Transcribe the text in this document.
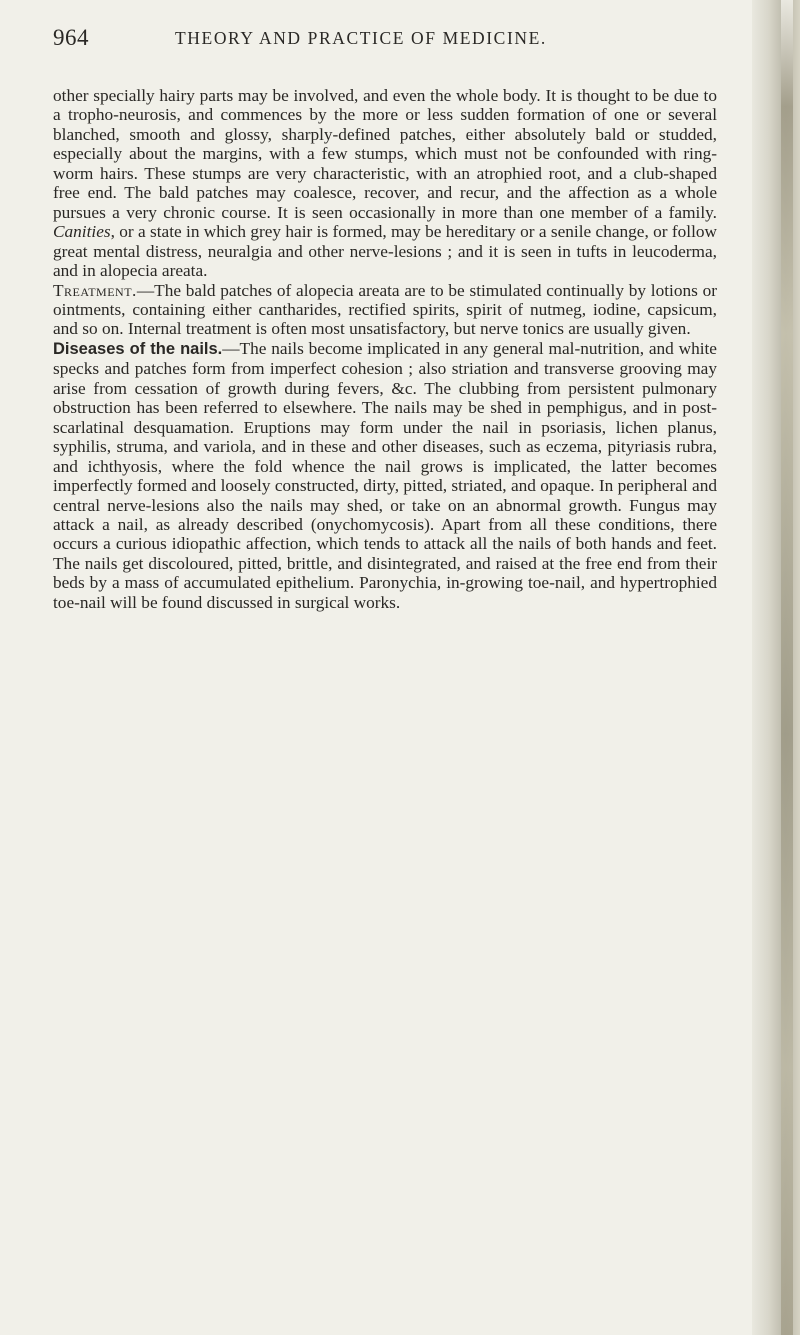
964	THEORY AND PRACTICE OF MEDICINE.

other specially hairy parts may be involved, and even the whole body. It is thought to be due to a tropho-neurosis, and commences by the more or less sudden formation of one or several blanched, smooth and glossy, sharply-defined patches, either absolutely bald or studded, especially about the margins, with a few stumps, which must not be confounded with ring-worm hairs. These stumps are very characteristic, with an atrophied root, and a club-shaped free end. The bald patches may coalesce, recover, and recur, and the affection as a whole pursues a very chronic course. It is seen occasionally in more than one member of a family. Canities, or a state in which grey hair is formed, may be hereditary or a senile change, or follow great mental distress, neuralgia and other nerve-lesions ; and it is seen in tufts in leucoderma, and in alopecia areata.

Treatment.—The bald patches of alopecia areata are to be stimulated continually by lotions or ointments, containing either cantharides, rectified spirits, spirit of nutmeg, iodine, capsicum, and so on. Internal treatment is often most unsatisfactory, but nerve tonics are usually given.

Diseases of the nails.—The nails become implicated in any general mal-nutrition, and white specks and patches form from imperfect cohesion ; also striation and transverse grooving may arise from cessation of growth during fevers, &c. The clubbing from persistent pulmonary obstruction has been referred to elsewhere. The nails may be shed in pemphigus, and in post-scarlatinal desquamation. Eruptions may form under the nail in psoriasis, lichen planus, syphilis, struma, and variola, and in these and other diseases, such as eczema, pityriasis rubra, and ichthyosis, where the fold whence the nail grows is implicated, the latter becomes imperfectly formed and loosely constructed, dirty, pitted, striated, and opaque. In peripheral and central nerve-lesions also the nails may shed, or take on an abnormal growth. Fungus may attack a nail, as already described (onychomycosis). Apart from all these conditions, there occurs a curious idiopathic affection, which tends to attack all the nails of both hands and feet. The nails get discoloured, pitted, brittle, and disintegrated, and raised at the free end from their beds by a mass of accumulated epithelium. Paronychia, in-growing toe-nail, and hypertrophied toe-nail will be found discussed in surgical works.
